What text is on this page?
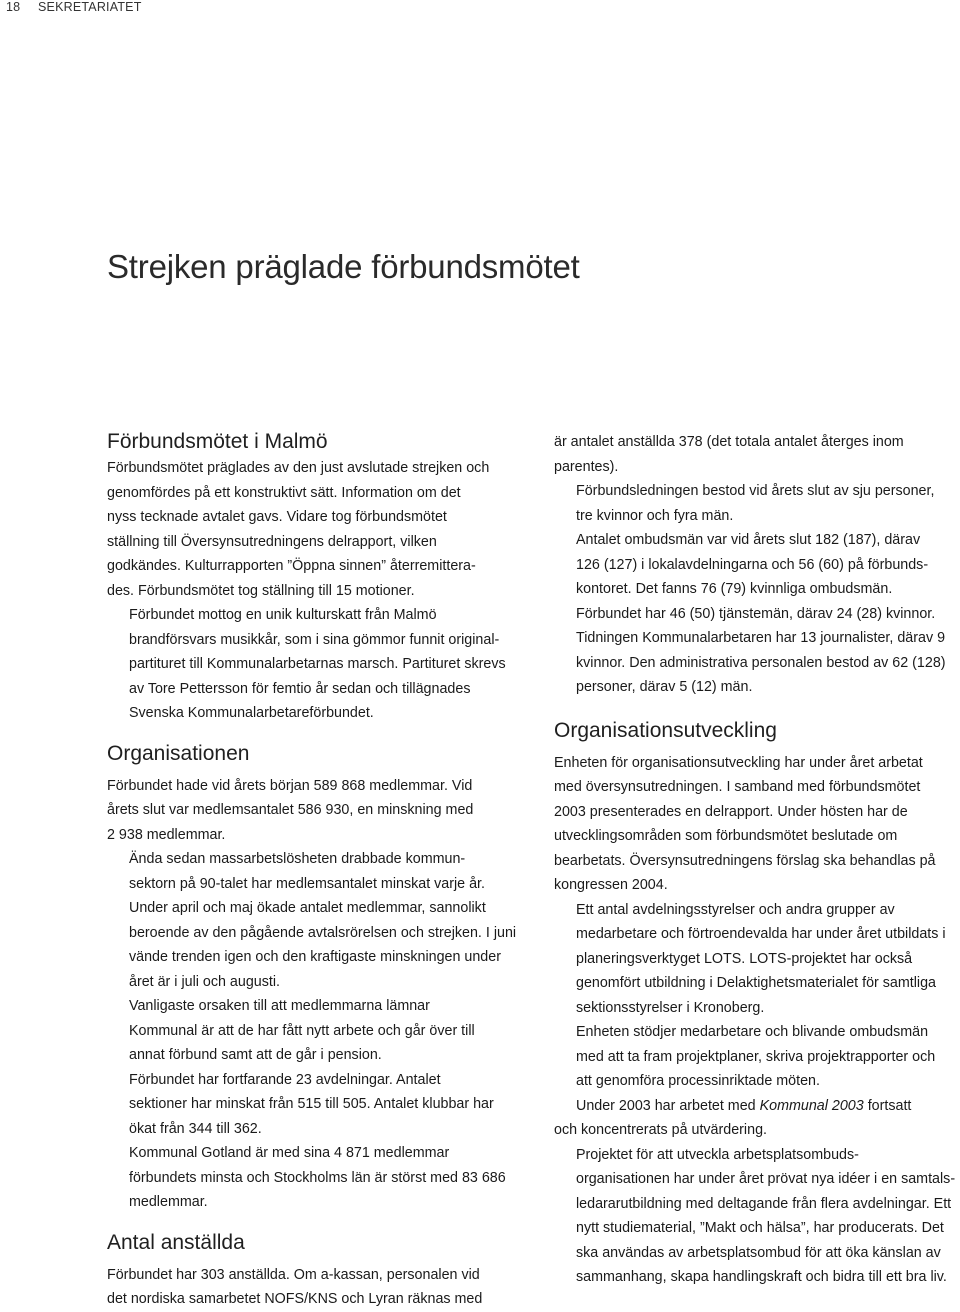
18 SEKRETARIATET
Strejken präglade förbundsmötet
Förbundsmötet i Malmö
Förbundsmötet präglades av den just avslutade strejken och
genomfördes på ett konstruktivt sätt. Information om det
nyss tecknade avtalet gavs. Vidare tog förbundsmötet
ställning till Översynsutredningens delrapport, vilken
godkändes. Kulturrapporten ”Öppna sinnen” återremittera-
des. Förbundsmötet tog ställning till 15 motioner.
Förbundet mottog en unik kulturskatt från Malmö
brandförsvars musikkår, som i sina gömmor funnit original-
partituret till Kommunalarbetarnas marsch. Partituret skrevs
av Tore Pettersson för femtio år sedan och tillägnades
Svenska Kommunalarbetareförbundet.
Organisationen
Förbundet hade vid årets början 589 868 medlemmar. Vid
årets slut var medlemsantalet 586 930, en minskning med
2 938 medlemmar.
Ända sedan massarbetslösheten drabbade kommun-
sektorn på 90-talet har medlemsantalet minskat varje år.
Under april och maj ökade antalet medlemmar, sannolikt
beroende av den pågående avtalsrörelsen och strejken. I juni
vände trenden igen och den kraftigaste minskningen under
året är i juli och augusti.
Vanligaste orsaken till att medlemmarna lämnar
Kommunal är att de har fått nytt arbete och går över till
annat förbund samt att de går i pension.
Förbundet har fortfarande 23 avdelningar. Antalet
sektioner har minskat från 515 till 505. Antalet klubbar har
ökat från 344 till 362.
Kommunal Gotland är med sina 4 871 medlemmar
förbundets minsta och Stockholms län är störst med 83 686
medlemmar.
Antal anställda
Förbundet har 303 anställda. Om a-kassan, personalen vid
det nordiska samarbetet NOFS/KNS och Lyran räknas med
är antalet anställda 378 (det totala antalet återges inom
parentes).
Förbundsledningen bestod vid årets slut av sju personer,
tre kvinnor och fyra män.
Antalet ombudsmän var vid årets slut 182 (187), därav
126 (127) i lokalavdelningarna och 56 (60) på förbunds-
kontoret. Det fanns 76 (79) kvinnliga ombudsmän.
Förbundet har 46 (50) tjänstemän, därav 24 (28) kvinnor.
Tidningen Kommunalarbetaren har 13 journalister, därav 9
kvinnor. Den administrativa personalen bestod av 62 (128)
personer, därav 5 (12) män.
Organisationsutveckling
Enheten för organisationsutveckling har under året arbetat
med översynsutredningen. I samband med förbundsmötet
2003 presenterades en delrapport. Under hösten har de
utvecklingsområden som förbundsmötet beslutade om
bearbetats. Översynsutredningens förslag ska behandlas på
kongressen 2004.
Ett antal avdelningsstyrelser och andra grupper av
medarbetare och förtroendevalda har under året utbildats i
planeringsverktyget LOTS. LOTS-projektet har också
genomfört utbildning i Delaktighetsmaterialet för samtliga
sektionsstyrelser i Kronoberg.
Enheten stödjer medarbetare och blivande ombudsmän
med att ta fram projektplaner, skriva projektrapporter och
att genomföra processinriktade möten.
Under 2003 har arbetet med Kommunal 2003 fortsatt
och koncentrerats på utvärdering.
Projektet för att utveckla arbetsplatsombuds-
organisationen har under året prövat nya idéer i en samtals-
ledararutbildning med deltagande från flera avdelningar. Ett
nytt studiematerial, ”Makt och hälsa”, har producerats. Det
ska användas av arbetsplatsombud för att öka känslan av
sammanhang, skapa handlingskraft och bidra till ett bra liv.
